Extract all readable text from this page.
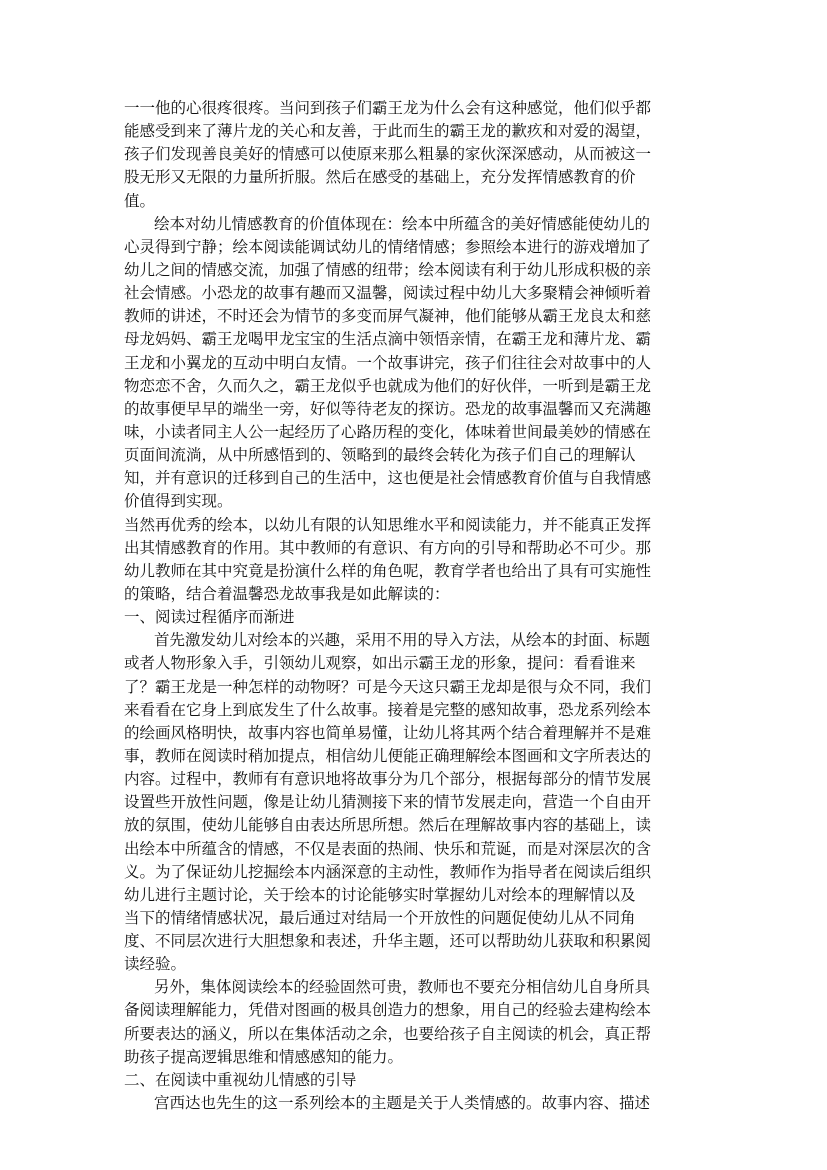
一一他的心很疼很疼。当问到孩子们霸王龙为什么会有这种感觉，他们似乎都
能感受到来了薄片龙的关心和友善，于此而生的霸王龙的歉疚和对爱的渴望，
孩子们发现善良美好的情感可以使原来那么粗暴的家伙深深感动，从而被这一
股无形又无限的力量所折服。然后在感受的基础上，充分发挥情感教育的价
值。
绘本对幼儿情感教育的价值体现在：绘本中所蕴含的美好情感能使幼儿的
心灵得到宁静；绘本阅读能调试幼儿的情绪情感；参照绘本进行的游戏增加了
幼儿之间的情感交流，加强了情感的纽带；绘本阅读有利于幼儿形成积极的亲
社会情感。小恐龙的故事有趣而又温馨，阅读过程中幼儿大多聚精会神倾听着
教师的讲述，不时还会为情节的多变而屏气凝神，他们能够从霸王龙良太和慈
母龙妈妈、霸王龙喝甲龙宝宝的生活点滴中领悟亲情，在霸王龙和薄片龙、霸
王龙和小翼龙的互动中明白友情。一个故事讲完，孩子们往往会对故事中的人
物恋恋不舍，久而久之，霸王龙似乎也就成为他们的好伙伴，一听到是霸王龙
的故事便早早的端坐一旁，好似等待老友的探访。恐龙的故事温馨而又充满趣
味，小读者同主人公一起经历了心路历程的变化，体味着世间最美妙的情感在
页面间流淌，从中所感悟到的、领略到的最终会转化为孩子们自己的理解认
知，并有意识的迁移到自己的生活中，这也便是社会情感教育价值与自我情感
价值得到实现。
当然再优秀的绘本，以幼儿有限的认知思维水平和阅读能力，并不能真正发挥
出其情感教育的作用。其中教师的有意识、有方向的引导和帮助必不可少。那
幼儿教师在其中究竟是扮演什么样的角色呢，教育学者也给出了具有可实施性
的策略，结合着温馨恐龙故事我是如此解读的：
一、阅读过程循序而渐进
首先激发幼儿对绘本的兴趣，采用不用的导入方法，从绘本的封面、标题
或者人物形象入手，引领幼儿观察，如出示霸王龙的形象，提问：看看谁来
了？霸王龙是一种怎样的动物呀？可是今天这只霸王龙却是很与众不同，我们
来看看在它身上到底发生了什么故事。接着是完整的感知故事，恐龙系列绘本
的绘画风格明快，故事内容也简单易懂，让幼儿将其两个结合着理解并不是难
事，教师在阅读时稍加提点，相信幼儿便能正确理解绘本图画和文字所表达的
内容。过程中，教师有有意识地将故事分为几个部分，根据每部分的情节发展
设置些开放性问题，像是让幼儿猜测接下来的情节发展走向，营造一个自由开
放的氛围，使幼儿能够自由表达所思所想。然后在理解故事内容的基础上，读
出绘本中所蕴含的情感，不仅是表面的热闹、快乐和荒诞，而是对深层次的含
义。为了保证幼儿挖掘绘本内涵深意的主动性，教师作为指导者在阅读后组织
幼儿进行主题讨论，关于绘本的讨论能够实时掌握幼儿对绘本的理解情以及
当下的情绪情感状况，最后通过对结局一个开放性的问题促使幼儿从不同角
度、不同层次进行大胆想象和表述，升华主题，还可以帮助幼儿获取和积累阅
读经验。
另外，集体阅读绘本的经验固然可贵，教师也不要充分相信幼儿自身所具
备阅读理解能力，凭借对图画的极具创造力的想象，用自己的经验去建构绘本
所要表达的涵义，所以在集体活动之余，也要给孩子自主阅读的机会，真正帮
助孩子提高逻辑思维和情感感知的能力。
二、在阅读中重视幼儿情感的引导
宫西达也先生的这一系列绘本的主题是关于人类情感的。故事内容、描述
